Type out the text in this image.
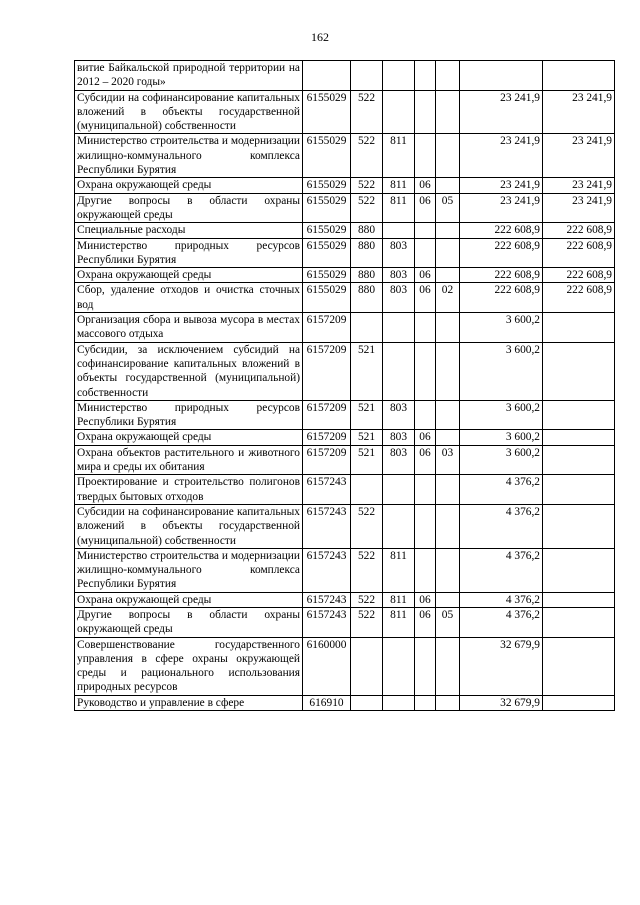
162
витие Байкальской природной территории на 2012 – 2020 годы»							
Субсидии на софинансирование капитальных вложений в объекты государственной (муниципальной) собственности	6155029	522				23 241,9	23 241,9
Министерство строительства и модернизации жилищно-коммунального комплекса Республики Бурятия	6155029	522	811			23 241,9	23 241,9
Охрана окружающей среды	6155029	522	811	06		23 241,9	23 241,9
Другие вопросы в области охраны окружающей среды	6155029	522	811	06	05	23 241,9	23 241,9
Специальные расходы	6155029	880				222 608,9	222 608,9
Министерство природных ресурсов Республики Бурятия	6155029	880	803			222 608,9	222 608,9
Охрана окружающей среды	6155029	880	803	06		222 608,9	222 608,9
Сбор, удаление отходов и очистка сточных вод	6155029	880	803	06	02	222 608,9	222 608,9
Организация сбора и вывоза мусора в местах массового отдыха	6157209					3 600,2	
Субсидии, за исключением субсидий на софинансирование капитальных вложений в объекты государственной (муниципальной) собственности	6157209	521				3 600,2	
Министерство природных ресурсов Республики Бурятия	6157209	521	803			3 600,2	
Охрана окружающей среды	6157209	521	803	06		3 600,2	
Охрана объектов растительного и животного мира и среды их обитания	6157209	521	803	06	03	3 600,2	
Проектирование и строительство полигонов твердых бытовых отходов	6157243					4 376,2	
Субсидии на софинансирование капитальных вложений в объекты государственной (муниципальной) собственности	6157243	522				4 376,2	
Министерство строительства и модернизации жилищно-коммунального комплекса Республики Бурятия	6157243	522	811			4 376,2	
Охрана окружающей среды	6157243	522	811	06		4 376,2	
Другие вопросы в области охраны окружающей среды	6157243	522	811	06	05	4 376,2	
Совершенствование государственного управления в сфере охраны окружающей среды и рационального использования природных ресурсов	6160000					32 679,9	
Руководство и управление в сфере	616910					32 679,9	
